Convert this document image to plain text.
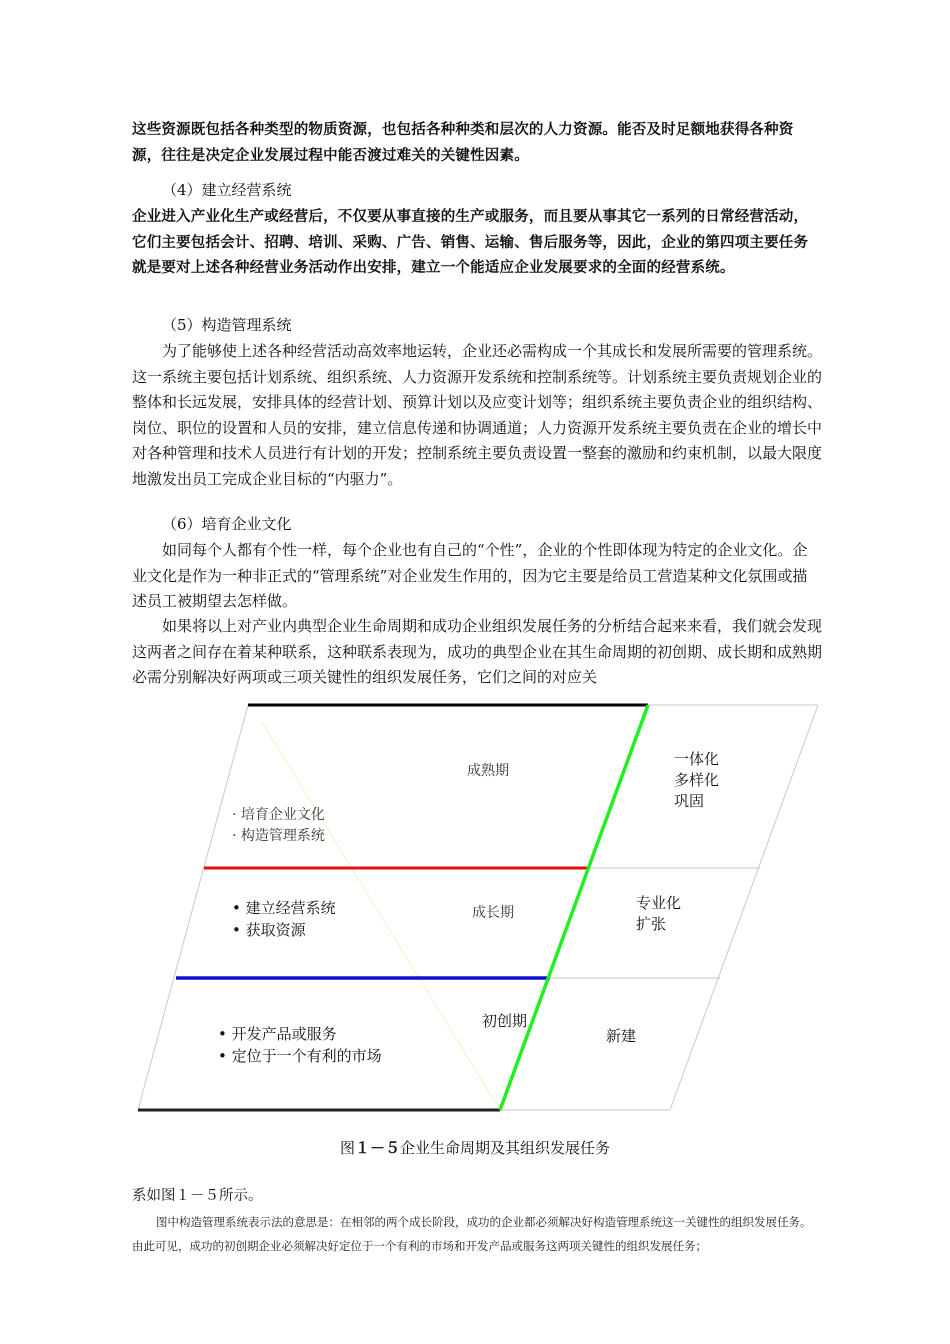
这些资源既包括各种类型的物质资源，也包括各种种类和层次的人力资源。能否及时足额地获得各种资源，往往是决定企业发展过程中能否渡过难关的关键性因素。
（4）建立经营系统
企业进入产业化生产或经营后，不仅要从事直接的生产或服务，而且要从事其它一系列的日常经营活动，它们主要包括会计、招聘、培训、采购、广告、销售、运输、售后服务等，因此，企业的第四项主要任务就是要对上述各种经营业务活动作出安排，建立一个能适应企业发展要求的全面的经营系统。
（5）构造管理系统
为了能够使上述各种经营活动高效率地运转，企业还必需构成一个其成长和发展所需要的管理系统。这一系统主要包括计划系统、组织系统、人力资源开发系统和控制系统等。计划系统主要负责规划企业的整体和长远发展，安排具体的经营计划、预算计划以及应变计划等；组织系统主要负责企业的组织结构、岗位、职位的设置和人员的安排，建立信息传递和协调通道；人力资源开发系统主要负责在企业的增长中对各种管理和技术人员进行有计划的开发；控制系统主要负责设置一整套的激励和约束机制，以最大限度地激发出员工完成企业目标的“内驱力”。
（6）培育企业文化
如同每个人都有个性一样，每个企业也有自己的“个性”，企业的个性即体现为特定的企业文化。企业文化是作为一种非正式的“管理系统”对企业发生作用的，因为它主要是给员工营造某种文化氛围或描述员工被期望去怎样做。
如果将以上对产业内典型企业生命周期和成功企业组织发展任务的分析结合起来来看，我们就会发现这两者之间存在着某种联系，这种联系表现为，成功的典型企业在其生命周期的初创期、成长期和成熟期必需分别解决好两项或三项关键性的组织发展任务，它们之间的对应关
成熟期
成长期
初创期
· 培育企业文化
· 构造管理系统
• 建立经营系统
• 获取资源
• 开发产品或服务
• 定位于一个有利的市场
一体化
多样化
巩固
专业化
扩张
新建
图１－５企业生命周期及其组织发展任务
系如图１－５所示。
图中构造管理系统表示法的意思是：在相邻的两个成长阶段，成功的企业都必须解决好构造管理系统这一关键性的组织发展任务。由此可见，成功的初创期企业必须解决好定位于一个有利的市场和开发产品或服务这两项关键性的组织发展任务；
